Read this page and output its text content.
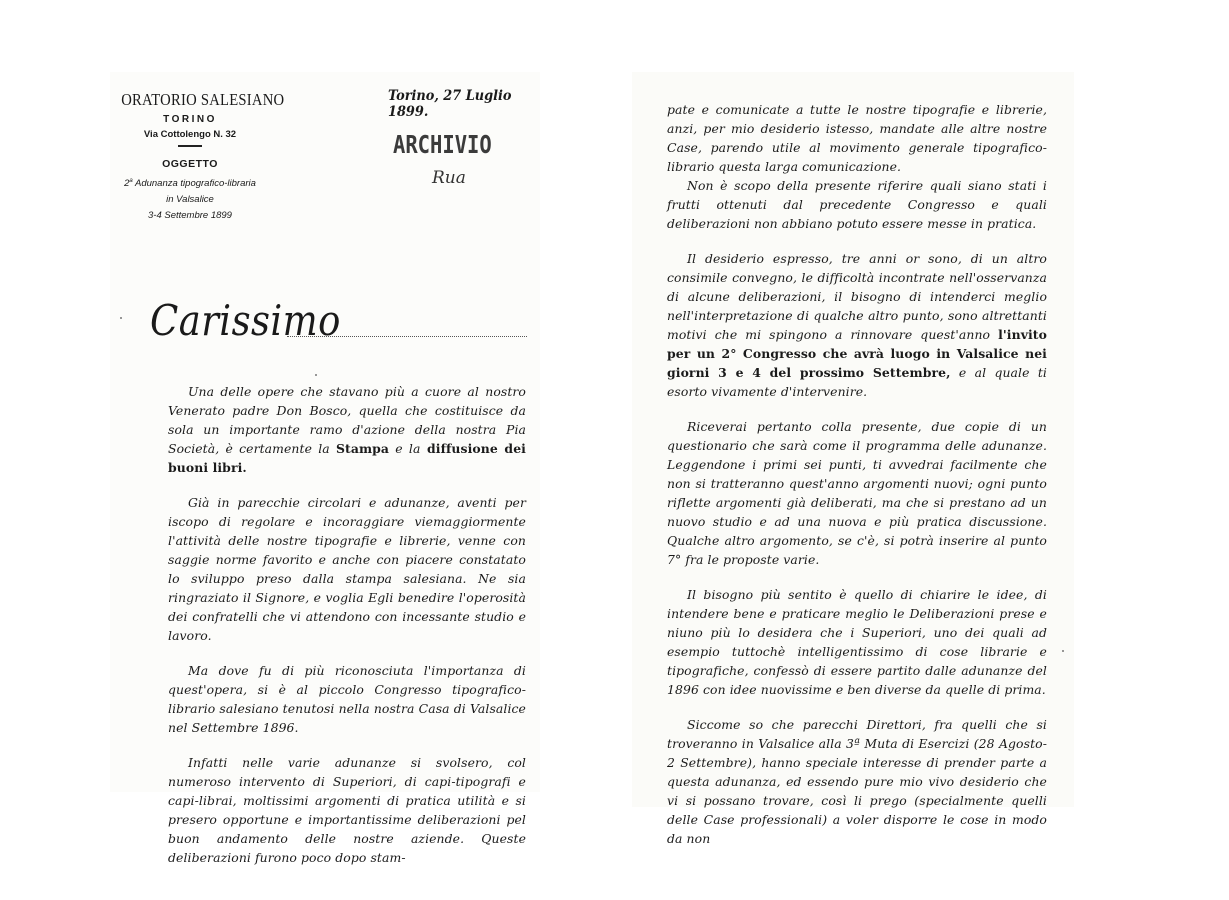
ORATORIO SALESIANO
TORINO
Via Cottolengo N. 32
OGGETTO
2$^a$ Adunanza tipografico-libraria
in Valsalice
3-4 Settembre 1899
Torino, 27 Luglio 1899.
ARCHIVIO
Rua
Carissimo

Una delle opere che stavano più a cuore al nostro Venerato padre Don Bosco, quella che costituisce da sola un importante ramo d'azione della nostra Pia Società, è certamente la Stampa e la diffusione dei buoni libri.

Già in parecchie circolari e adunanze, aventi per iscopo di regolare e incoraggiare viemaggiormente l'attività delle nostre tipografie e librerie, venne con saggie norme favorito e anche con piacere constatato lo sviluppo preso dalla stampa salesiana. Ne sia ringraziato il Signore, e voglia Egli benedire l'operosità dei confratelli che vi attendono con incessante studio e lavoro.

Ma dove fu di più riconosciuta l'importanza di quest'opera, si è al piccolo Congresso tipografico-librario salesiano tenutosi nella nostra Casa di Valsalice nel Settembre 1896.

Infatti nelle varie adunanze si svolsero, col numeroso intervento di Superiori, di capi-tipografi e capi-librai, moltissimi argomenti di pratica utilità e si presero opportune e importantissime deliberazioni pel buon andamento delle nostre aziende. Queste deliberazioni furono poco dopo stam-

pate e comunicate a tutte le nostre tipografie e librerie, anzi, per mio desiderio istesso, mandate alle altre nostre Case, parendo utile al movimento generale tipografico-librario questa larga comunicazione.

Non è scopo della presente riferire quali siano stati i frutti ottenuti dal precedente Congresso e quali deliberazioni non abbiano potuto essere messe in pratica.

Il desiderio espresso, tre anni or sono, di un altro consimile convegno, le difficoltà incontrate nell'osservanza di alcune deliberazioni, il bisogno di intenderci meglio nell'interpretazione di qualche altro punto, sono altrettanti motivi che mi spingono a rinnovare quest'anno l'invito per un 2° Congresso che avrà luogo in Valsalice nei giorni 3 e 4 del prossimo Settembre, e al quale ti esorto vivamente d'intervenire.

Riceverai pertanto colla presente, due copie di un questionario che sarà come il programma delle adunanze. Leggendone i primi sei punti, ti avvedrai facilmente che non si tratteranno quest'anno argomenti nuovi; ogni punto riflette argomenti già deliberati, ma che si prestano ad un nuovo studio e ad una nuova e più pratica discussione. Qualche altro argomento, se c'è, si potrà inserire al punto 7° fra le proposte varie.

Il bisogno più sentito è quello di chiarire le idee, di intendere bene e praticare meglio le Deliberazioni prese e niuno più lo desidera che i Superiori, uno dei quali ad esempio tuttochè intelligentissimo di cose librarie e tipografiche, confessò di essere partito dalle adunanze del 1896 con idee nuovissime e ben diverse da quelle di prima.

Siccome so che parecchi Direttori, fra quelli che si troveranno in Valsalice alla 3ª Muta di Esercizi (28 Agosto-2 Settembre), hanno speciale interesse di prender parte a questa adunanza, ed essendo pure mio vivo desiderio che vi si possano trovare, così li prego (specialmente quelli delle Case professionali) a voler disporre le cose in modo da non
